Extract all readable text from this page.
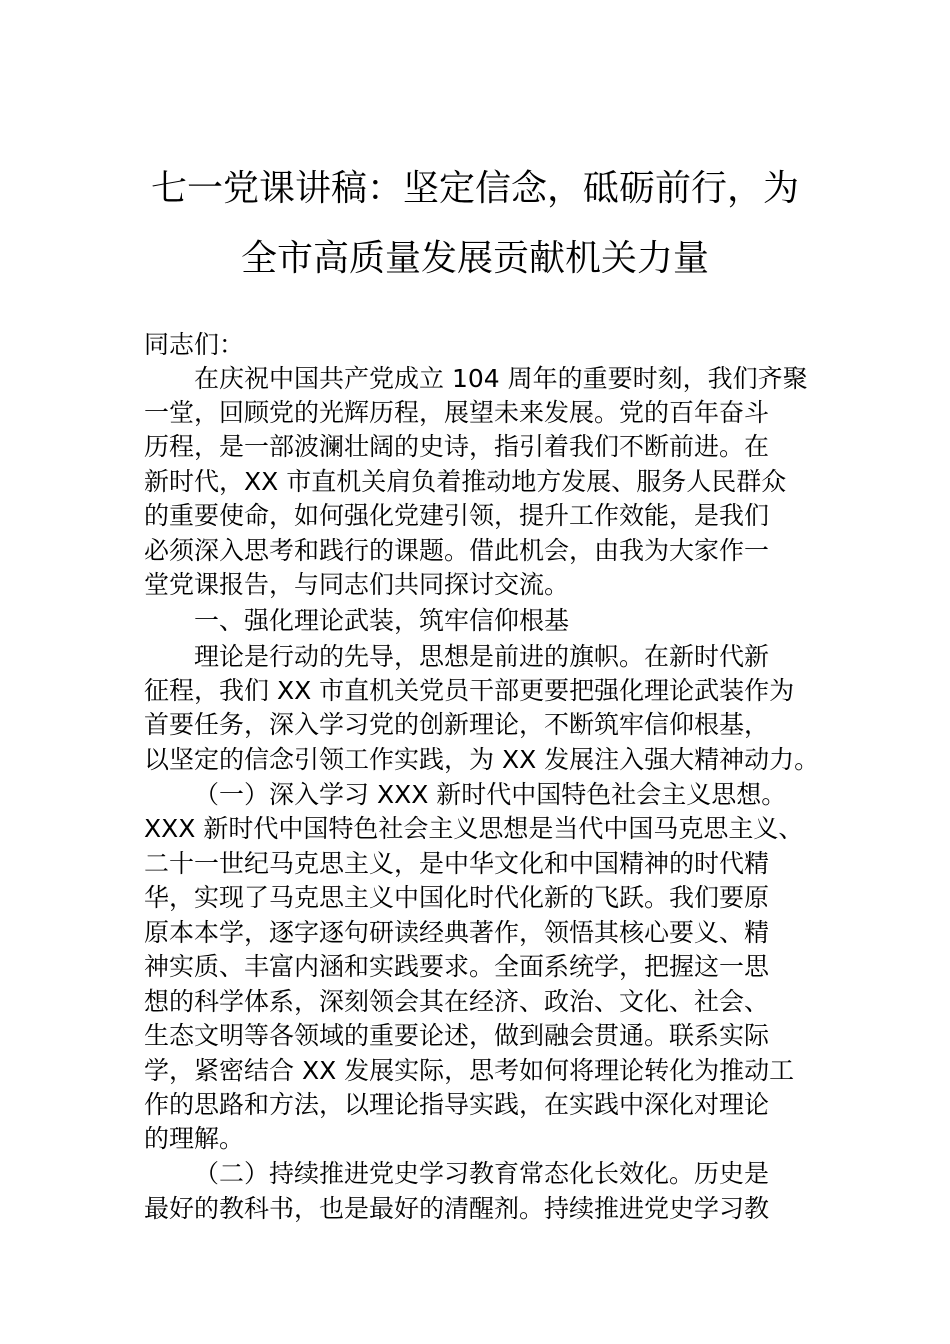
七一党课讲稿：坚定信念，砥砺前行，为
全市高质量发展贡献机关力量

同志们：

在庆祝中国共产党成立 104 周年的重要时刻，我们齐聚

一堂，回顾党的光辉历程，展望未来发展。党的百年奋斗

历程，是一部波澜壮阔的史诗，指引着我们不断前进。在

新时代，XX 市直机关肩负着推动地方发展、服务人民群众

的重要使命，如何强化党建引领，提升工作效能，是我们

必须深入思考和践行的课题。借此机会，由我为大家作一

堂党课报告，与同志们共同探讨交流。

一、强化理论武装，筑牢信仰根基

理论是行动的先导，思想是前进的旗帜。在新时代新

征程，我们 XX 市直机关党员干部更要把强化理论武装作为

首要任务，深入学习党的创新理论，不断筑牢信仰根基，

以坚定的信念引领工作实践，为 XX 发展注入强大精神动力。

（一）深入学习 XXX 新时代中国特色社会主义思想。

XXX 新时代中国特色社会主义思想是当代中国马克思主义、

二十一世纪马克思主义，是中华文化和中国精神的时代精

华，实现了马克思主义中国化时代化新的飞跃。我们要原

原本本学，逐字逐句研读经典著作，领悟其核心要义、精

神实质、丰富内涵和实践要求。全面系统学，把握这一思

想的科学体系，深刻领会其在经济、政治、文化、社会、

生态文明等各领域的重要论述，做到融会贯通。联系实际

学，紧密结合 XX 发展实际，思考如何将理论转化为推动工

作的思路和方法，以理论指导实践，在实践中深化对理论

的理解。

（二）持续推进党史学习教育常态化长效化。历史是

最好的教科书，也是最好的清醒剂。持续推进党史学习教
